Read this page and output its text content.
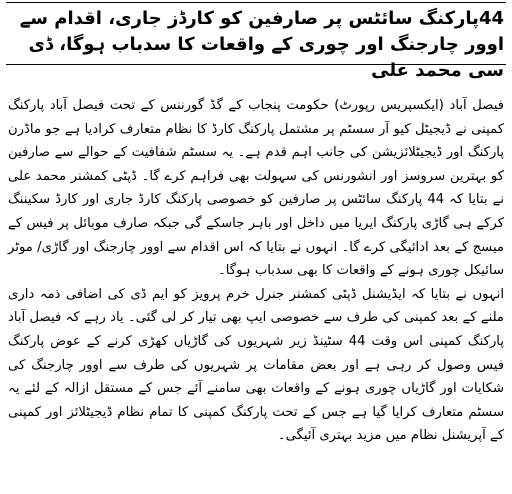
44پارکنگ سائٹس پر صارفین کو کارڈز جاری، اقدام سے اوور چارجنگ اور چوری کے واقعات کا سدباب ہوگا، ڈی سی محمد علی

فیصل آباد (ایکسپریس رپورٹ) حکومت پنجاب کے گڈ گورننس کے تحت فیصل آباد پارکنگ کمپنی نے ڈیجیٹل کیو آر سسٹم پر مشتمل پارکنگ کارڈ کا نظام متعارف کرادیا ہے جو ماڈرن پارکنگ اور ڈیجیٹلائزیشن کی جانب اہم قدم ہے۔ یہ سسٹم شفافیت کے حوالے سے صارفین کو بہترین سروسز اور انشورنس کی سہولت بھی فراہم کرے گا۔ ڈپٹی کمشنر محمد علی نے بتایا کہ 44 پارکنگ سائٹس پر صارفین کو خصوصی پارکنگ کارڈ جاری اور کارڈ سکیننگ کرکے ہی گاڑی پارکنگ ایریا میں داخل اور باہر جاسکے گی جبکہ صارف موبائل پر فیس کے میسج کے بعد ادائیگی کرے گا۔ انہوں نے بتایا کہ اس اقدام سے اوور چارجنگ اور گاڑی/ موٹر سائیکل چوری ہونے کے واقعات کا بھی سدباب ہوگا۔

انہوں نے بتایا کہ ایڈیشنل ڈپٹی کمشنر جنرل خرم پرویز کو ایم ڈی کی اضافی ذمہ داری ملنے کے بعد کمپنی کی طرف سے خصوصی ایپ بھی تیار کر لی گئی۔ یاد رہے کہ فیصل آباد پارکنگ کمپنی اس وقت 44 سٹینڈ زیر شہریوں کی گاڑیاں کھڑی کرنے کے عوض پارکنگ فیس وصول کر رہی ہے اور بعض مقامات پر شہریوں کی طرف سے اوور چارجنگ کی شکایات اور گاڑیاں چوری ہونے کے واقعات بھی سامنے آئے جس کے مستقل ازالہ کے لئے یہ سسٹم متعارف کرایا گیا ہے جس کے تحت پارکنگ کمپنی کا تمام نظام ڈیجیٹلائز اور کمپنی کے آپریشنل نظام میں مزید بہتری آئیگی۔
